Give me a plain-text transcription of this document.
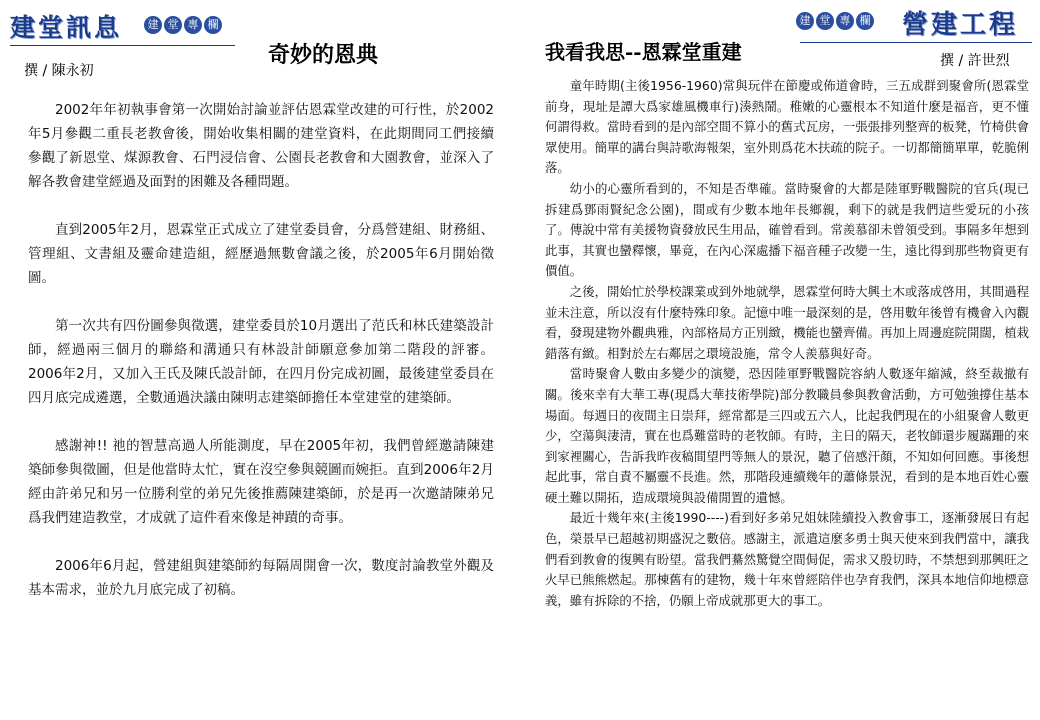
建堂訊息	建 堂 專 欄
奇妙的恩典
撰 / 陳永初

2002年年初執事會第一次開始討論並評估恩霖堂改建的可行性，於2002年5月參觀二重長老教會後，開始收集相關的建堂資料，在此期間同工們接續參觀了新恩堂、煤源教會、石門浸信會、公園長老教會和大園教會，並深入了解各教會建堂經過及面對的困難及各種問題。

直到2005年2月，恩霖堂正式成立了建堂委員會，分爲營建組、財務組、管理組、文書組及靈命建造組，經歷過無數會議之後，於2005年6月開始徵圖。

第一次共有四份圖參與徵選，建堂委員於10月選出了范氏和林氏建築設計師，經過兩三個月的聯絡和溝通只有林設計師願意參加第二階段的評審。2006年2月，又加入王氏及陳氏設計師，在四月份完成初圖，最後建堂委員在四月底完成遴選，全數通過決議由陳明志建築師擔任本堂建堂的建築師。

感謝神!! 祂的智慧高過人所能測度，早在2005年初，我們曾經邀請陳建築師參與徵圖，但是他當時太忙，實在沒空參與競圖而婉拒。直到2006年2月經由許弟兄和另一位勝利堂的弟兄先後推薦陳建築師，於是再一次邀請陳弟兄爲我們建造教堂，才成就了這件看來像是神蹟的奇事。

2006年6月起，營建組與建築師約每隔周開會一次，數度討論教堂外觀及基本需求，並於九月底完成了初稿。

建 堂 專 欄 營建工程
我看我思--恩霖堂重建	撰 / 許世烈

童年時期(主後1956-1960)常與玩伴在節慶或佈道會時，三五成群到聚會所(恩霖堂前身，現址是譚大爲家雄風機車行)湊熱鬧。稚嫩的心靈根本不知道什麼是福音，更不懂何謂得救。當時看到的是內部空間不算小的舊式瓦房，一張張排列整齊的板凳，竹椅供會眾使用。簡單的講台與詩歌海報架，室外則爲花木扶疏的院子。一切都簡簡單單，乾脆俐落。

幼小的心靈所看到的，不知是否準確。當時聚會的大都是陸軍野戰醫院的官兵(現已拆建爲鄧雨賢紀念公園)，間或有少數本地年長鄉親，剩下的就是我們這些愛玩的小孩了。傳說中常有美援物資發放民生用品，確曾看到。常羨慕卻未曾領受到。事隔多年想到此事，其實也蠻釋懷，畢竟，在內心深處播下福音種子改變一生，遠比得到那些物資更有價值。

之後，開始忙於學校課業或到外地就學，恩霖堂何時大興土木或落成啓用，其間過程並未注意，所以沒有什麼特殊印象。記憶中唯一最深刻的是，啓用數年後曾有機會入內觀看，發現建物外觀典雅，內部格局方正別緻，機能也蠻齊備。再加上周邊庭院開闊，植栽錯落有緻。相對於左右鄰居之環境設施，常令人羨慕與好奇。

當時聚會人數由多變少的演變，恐因陸軍野戰醫院容納人數逐年縮減，終至裁撤有關。後來幸有大華工專(現爲大華技術學院)部分教職員參與教會活動，方可勉強撐住基本場面。每週日的夜間主日崇拜，經常都是三四或五六人，比起我們現在的小組聚會人數更少，空蕩與淒清，實在也爲難當時的老牧師。有時，主日的隔天，老牧師還步履蹣跚的來到家裡關心，告訴我昨夜稿間望門等無人的景況，聽了倍感汗顏，不知如何回應。事後想起此事，常自責不屬靈不長進。然，那階段連續幾年的蕭條景況，看到的是本地百姓心靈硬土難以開拓，造成環境與設備閒置的遺憾。

最近十幾年來(主後1990----)看到好多弟兄姐妹陸續投入教會事工，逐漸發展日有起色，榮景早已超越初期盛況之數倍。感謝主，派遣這麼多勇士與天使來到我們當中，讓我們看到教會的復興有盼望。當我們驀然驚覺空間侷促，需求又殷切時，不禁想到那興旺之火早已熊熊燃起。那棟舊有的建物，幾十年來曾經陪伴也孕育我們，深具本地信仰地標意義，雖有拆除的不捨，仍願上帝成就那更大的事工。
